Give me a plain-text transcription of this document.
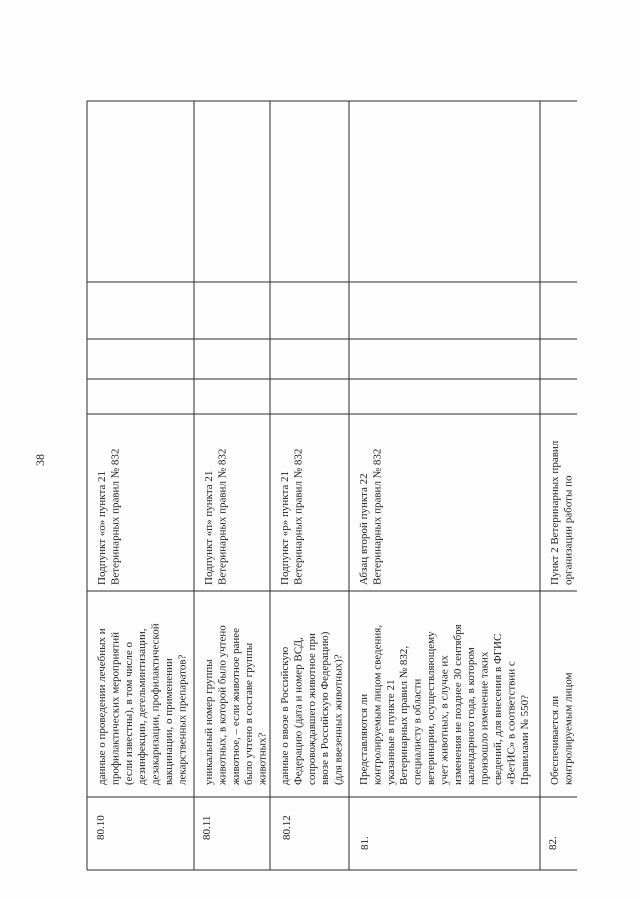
38
80.10
данные о проведении лечебных и профилактических мероприятий (если известны), в том числе о дезинфекции, дегельминтизации, дезакаризации, профилактической вакцинации, о применении лекарственных препаратов?
Подпункт «о» пункта 21 Ветеринарных правил № 832
80.11
уникальный номер группы животных, в которой было учтено животное, – если животное ранее было учтено в составе группы животных?
Подпункт «п» пункта 21 Ветеринарных правил № 832
80.12
данные о ввозе в Российскую Федерацию (дата и номер ВСД, сопровождавшего животное при ввозе в Российскую Федерацию) (для ввезенных животных)?
Подпункт «р» пункта 21 Ветеринарных правил № 832
81.
Представляются ли контролируемым лицом сведения, указанные в пункте 21 Ветеринарных правил № 832, специалисту в области ветеринарии, осуществляющему учет животных, в случае их изменения не позднее 30 сентября календарного года, в котором произошло изменение таких сведений, для внесения в ФГИС «ВетИС» в соответствии с Правилами № 550?
Абзац второй пункта 22 Ветеринарных правил № 832
82.
Обеспечивается ли контролируемым лицом
Пункт 2 Ветеринарных правил организации работы по
